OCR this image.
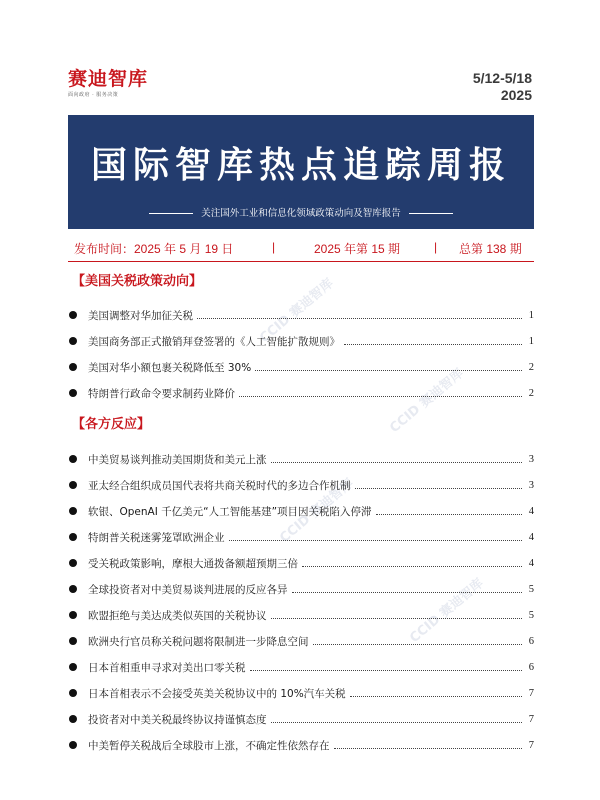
赛迪智库
面向政府 · 服务决策
5/12-5/18
2025
国际智库热点追踪周报
关注国外工业和信息化领域政策动向及智库报告
发布时间：2025 年 5 月 19 日	|	2025 年第 15 期	| 总第 138 期
CCID 赛迪智库
CCID 赛迪智库
CCID 赛迪智库
CCID 赛迪智库
【美国关税政策动向】
美国调整对华加征关税	1
美国商务部正式撤销拜登签署的《人工智能扩散规则》	1
美国对华小额包裹关税降低至 30%	2
特朗普行政命令要求制药业降价	2
【各方反应】
中美贸易谈判推动美国期货和美元上涨	3
亚太经合组织成员国代表将共商关税时代的多边合作机制	3
软银、OpenAI 千亿美元“人工智能基建”项目因关税陷入停滞	4
特朗普关税迷雾笼罩欧洲企业	4
受关税政策影响，摩根大通拨备额超预期三倍	4
全球投资者对中美贸易谈判进展的反应各异	5
欧盟拒绝与美达成类似英国的关税协议	5
欧洲央行官员称关税问题将限制进一步降息空间	6
日本首相重申寻求对美出口零关税	6
日本首相表示不会接受英美关税协议中的 10%汽车关税	7
投资者对中美关税最终协议持谨慎态度	7
中美暂停关税战后全球股市上涨，不确定性依然存在	7
